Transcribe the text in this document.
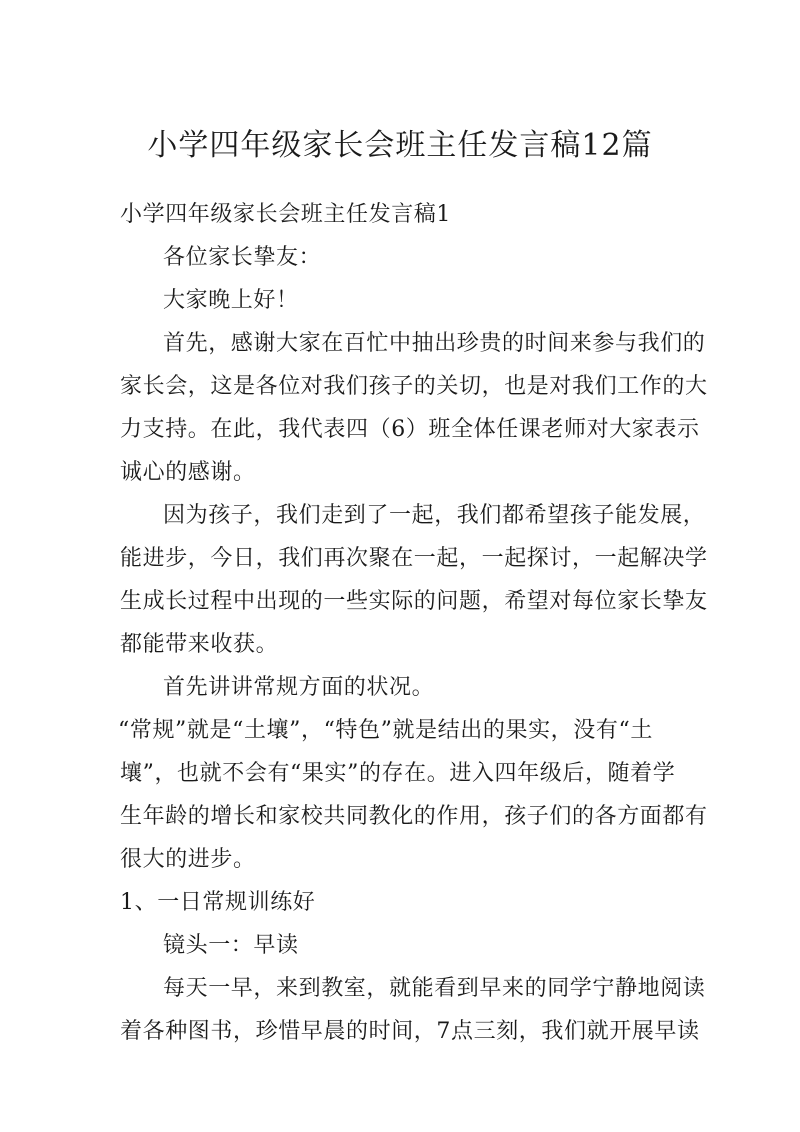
小学四年级家长会班主任发言稿12篇
小学四年级家长会班主任发言稿1
各位家长挚友：
大家晚上好！
首先，感谢大家在百忙中抽出珍贵的时间来参与我们的
家长会，这是各位对我们孩子的关切，也是对我们工作的大
力支持。在此，我代表四（6）班全体任课老师对大家表示
诚心的感谢。
因为孩子，我们走到了一起，我们都希望孩子能发展，
能进步，今日，我们再次聚在一起，一起探讨，一起解决学
生成长过程中出现的一些实际的问题，希望对每位家长挚友
都能带来收获。
首先讲讲常规方面的状况。
“常规”就是“土壤”，“特色”就是结出的果实，没有“土
壤”，也就不会有“果实”的存在。进入四年级后，随着学
生年龄的增长和家校共同教化的作用，孩子们的各方面都有
很大的进步。
1、一日常规训练好
镜头一：早读
每天一早，来到教室，就能看到早来的同学宁静地阅读
着各种图书，珍惜早晨的时间，7点三刻，我们就开展早读
